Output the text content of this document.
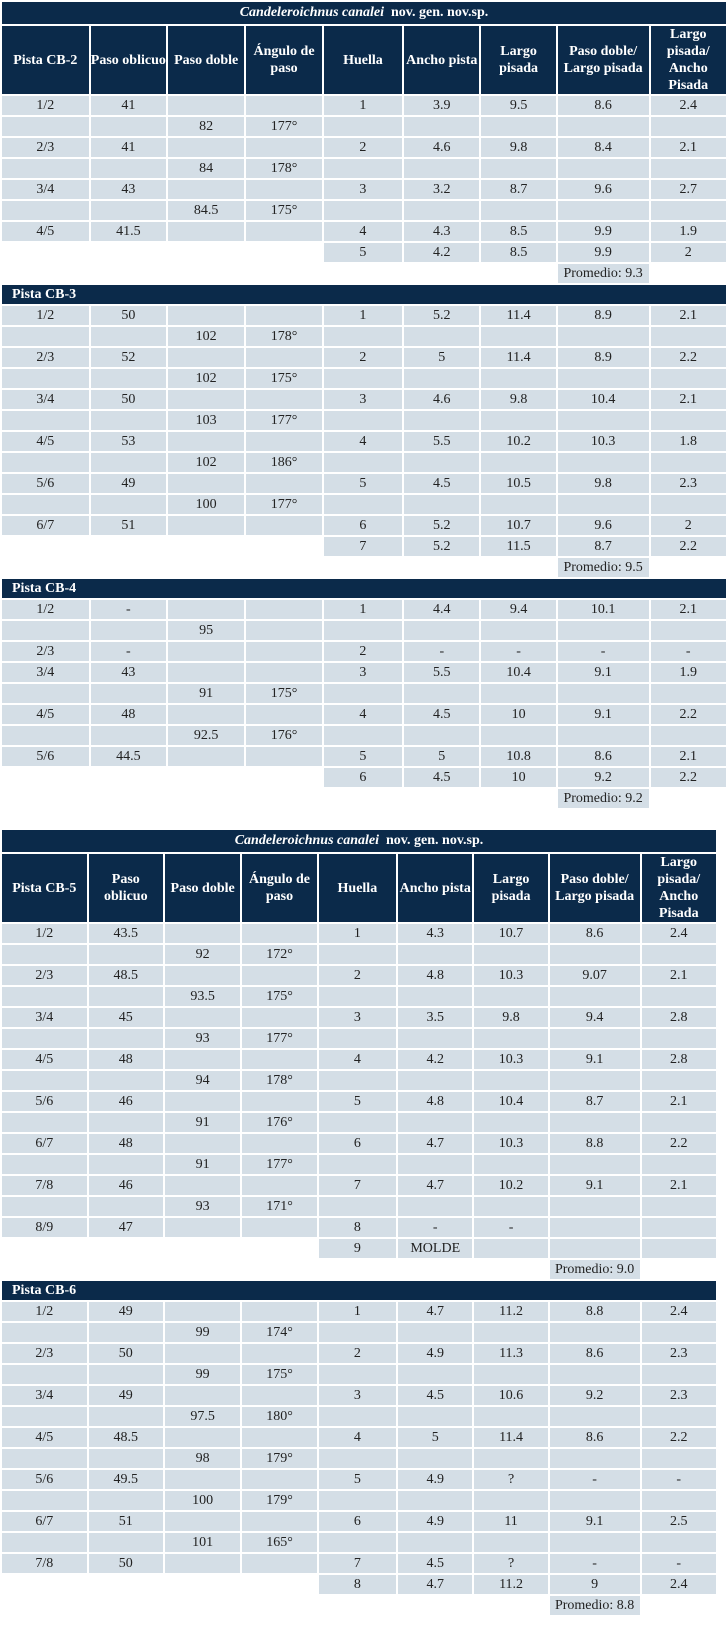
Candeleroichnus canalei nov. gen. nov.sp.								
Pista CB-2	Paso oblicuo	Paso doble	Ángulo de paso	Huella	Ancho pista	Largo pisada	Paso doble/ Largo pisada	Largo pisada/ Ancho Pisada
1/2	41			1	3.9	9.5	8.6	2.4
		82	177°					
2/3	41			2	4.6	9.8	8.4	2.1
		84	178°					
3/4	43			3	3.2	8.7	9.6	2.7
		84.5	175°					
4/5	41.5			4	4.3	8.5	9.9	1.9
				5	4.2	8.5	9.9	2
							Promedio: 9.3	
Pista CB-3								
1/2	50			1	5.2	11.4	8.9	2.1
		102	178°					
2/3	52			2	5	11.4	8.9	2.2
		102	175°					
3/4	50			3	4.6	9.8	10.4	2.1
		103	177°					
4/5	53			4	5.5	10.2	10.3	1.8
		102	186°					
5/6	49			5	4.5	10.5	9.8	2.3
		100	177°					
6/7	51			6	5.2	10.7	9.6	2
				7	5.2	11.5	8.7	2.2
							Promedio: 9.5	
Pista CB-4								
1/2	-			1	4.4	9.4	10.1	2.1
		95						
2/3	-			2	-	-	-	-
3/4	43			3	5.5	10.4	9.1	1.9
		91	175°					
4/5	48			4	4.5	10	9.1	2.2
		92.5	176°					
5/6	44.5			5	5	10.8	8.6	2.1
				6	4.5	10	9.2	2.2
							Promedio: 9.2	
Candeleroichnus canalei nov. gen. nov.sp.								
Pista CB-5	Paso oblicuo	Paso doble	Ángulo de paso	Huella	Ancho pista	Largo pisada	Paso doble/ Largo pisada	Largo pisada/ Ancho Pisada
1/2	43.5			1	4.3	10.7	8.6	2.4
		92	172°					
2/3	48.5			2	4.8	10.3	9.07	2.1
		93.5	175°					
3/4	45			3	3.5	9.8	9.4	2.8
		93	177°					
4/5	48			4	4.2	10.3	9.1	2.8
		94	178°					
5/6	46			5	4.8	10.4	8.7	2.1
		91	176°					
6/7	48			6	4.7	10.3	8.8	2.2
		91	177°					
7/8	46			7	4.7	10.2	9.1	2.1
		93	171°					
8/9	47			8	-	-		
				9	MOLDE			
							Promedio: 9.0	
Pista CB-6								
1/2	49			1	4.7	11.2	8.8	2.4
		99	174°					
2/3	50			2	4.9	11.3	8.6	2.3
		99	175°					
3/4	49			3	4.5	10.6	9.2	2.3
		97.5	180°					
4/5	48.5			4	5	11.4	8.6	2.2
		98	179°					
5/6	49.5			5	4.9	?	-	-
		100	179°					
6/7	51			6	4.9	11	9.1	2.5
		101	165°					
7/8	50			7	4.5	?	-	-
				8	4.7	11.2	9	2.4
							Promedio: 8.8	
